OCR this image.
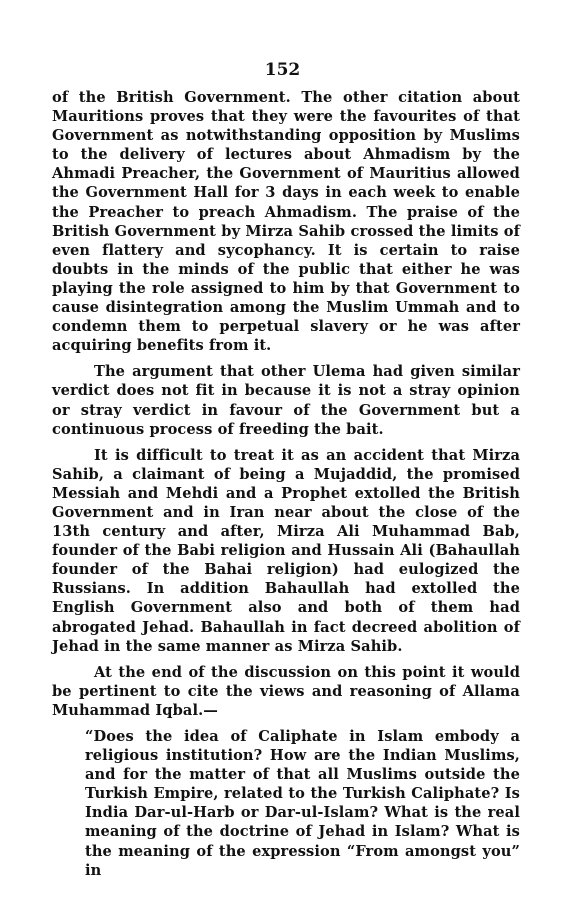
152

of the British Government. The other citation about Mauritions proves that they were the favourites of that Government as notwithstanding opposition by Muslims to the delivery of lectures about Ahmadism by the Ahmadi Preacher, the Government of Mauritius allowed the Government Hall for 3 days in each week to enable the Preacher to preach Ahmadism. The praise of the British Government by Mirza Sahib crossed the limits of even flattery and sycophancy. It is certain to raise doubts in the minds of the public that either he was playing the role assigned to him by that Government to cause disintegration among the Muslim Ummah and to condemn them to perpetual slavery or he was after acquiring benefits from it.

The argument that other Ulema had given similar verdict does not fit in because it is not a stray opinion or stray verdict in favour of the Government but a continuous process of freeding the bait.

It is difficult to treat it as an accident that Mirza Sahib, a claimant of being a Mujaddid, the promised Messiah and Mehdi and a Prophet extolled the British Government and in Iran near about the close of the 13th century and after, Mirza Ali Muhammad Bab, founder of the Babi religion and Hussain Ali (Bahaullah founder of the Bahai religion) had eulogized the Russians. In addition Bahaullah had extolled the English Government also and both of them had abrogated Jehad. Bahaullah in fact decreed abolition of Jehad in the same manner as Mirza Sahib.

At the end of the discussion on this point it would be pertinent to cite the views and reasoning of Allama Muhammad Iqbal.—

“Does the idea of Caliphate in Islam embody a religious institution? How are the Indian Muslims, and for the matter of that all Muslims outside the Turkish Empire, related to the Turkish Caliphate? Is India Dar-ul-Harb or Dar-ul-Islam? What is the real meaning of the doctrine of Jehad in Islam? What is the meaning of the expression “From amongst you” in
